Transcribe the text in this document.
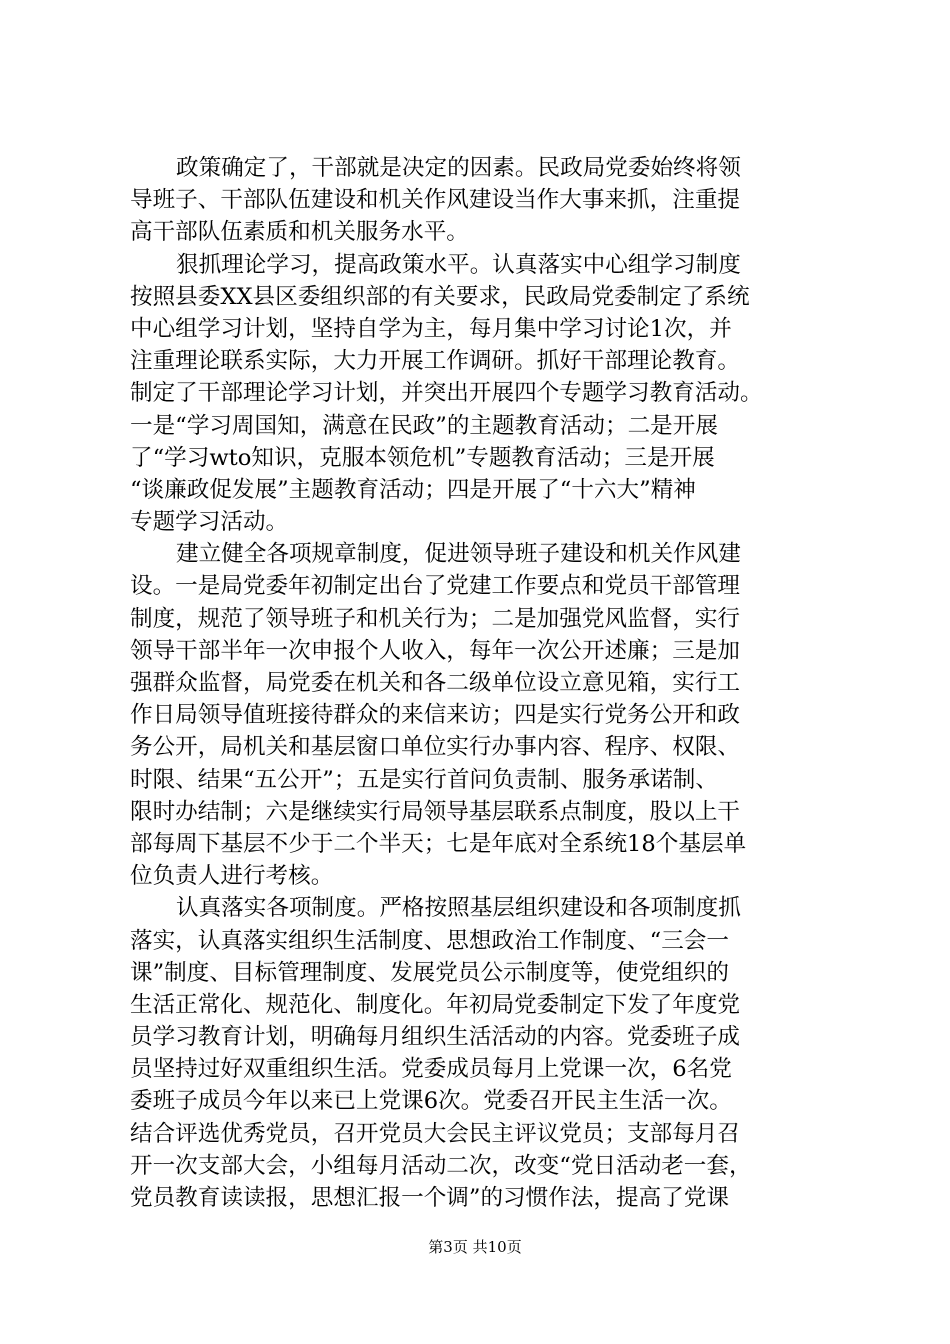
政策确定了，干部就是决定的因素。民政局党委始终将领
导班子、干部队伍建设和机关作风建设当作大事来抓，注重提
高干部队伍素质和机关服务水平。
狠抓理论学习，提高政策水平。认真落实中心组学习制度
按照县委XX县区委组织部的有关要求，民政局党委制定了系统
中心组学习计划，坚持自学为主，每月集中学习讨论1次，并
注重理论联系实际，大力开展工作调研。抓好干部理论教育。
制定了干部理论学习计划，并突出开展四个专题学习教育活动。
一是“学习周国知，满意在民政”的主题教育活动；二是开展
了“学习wto知识，克服本领危机”专题教育活动；三是开展
“谈廉政促发展”主题教育活动；四是开展了“十六大”精神
专题学习活动。
建立健全各项规章制度，促进领导班子建设和机关作风建
设。一是局党委年初制定出台了党建工作要点和党员干部管理
制度，规范了领导班子和机关行为；二是加强党风监督，实行
领导干部半年一次申报个人收入，每年一次公开述廉；三是加
强群众监督，局党委在机关和各二级单位设立意见箱，实行工
作日局领导值班接待群众的来信来访；四是实行党务公开和政
务公开，局机关和基层窗口单位实行办事内容、程序、权限、
时限、结果“五公开”；五是实行首问负责制、服务承诺制、
限时办结制；六是继续实行局领导基层联系点制度，股以上干
部每周下基层不少于二个半天；七是年底对全系统18个基层单
位负责人进行考核。
认真落实各项制度。严格按照基层组织建设和各项制度抓
落实，认真落实组织生活制度、思想政治工作制度、“三会一
课”制度、目标管理制度、发展党员公示制度等，使党组织的
生活正常化、规范化、制度化。年初局党委制定下发了年度党
员学习教育计划，明确每月组织生活活动的内容。党委班子成
员坚持过好双重组织生活。党委成员每月上党课一次，6名党
委班子成员今年以来已上党课6次。党委召开民主生活一次。
结合评选优秀党员，召开党员大会民主评议党员；支部每月召
开一次支部大会，小组每月活动二次，改变“党日活动老一套，
党员教育读读报，思想汇报一个调”的习惯作法，提高了党课
第3页 共10页
